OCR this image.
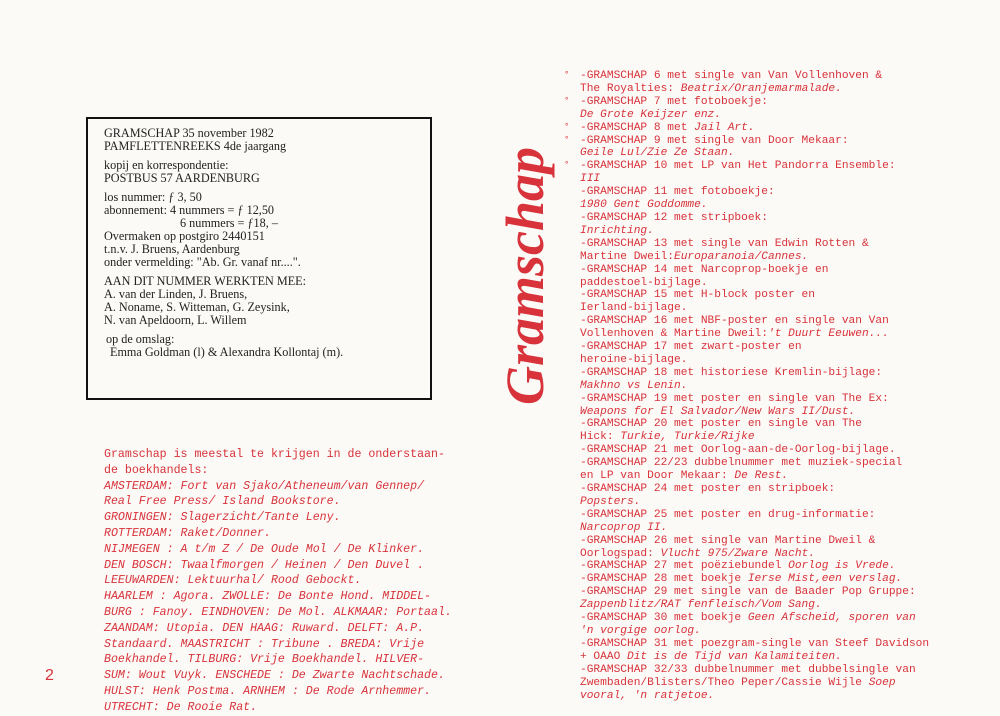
GRAMSCHAP 35 november 1982
PAMFLETTENREEKS 4de jaargang
kopij en korrespondentie:
POSTBUS 57 AARDENBURG
los nummer: ƒ 3, 50
abonnement: 4 nummers = ƒ 12,50
6 nummers = ƒ18, –
Overmaken op postgiro 2440151
t.n.v. J. Bruens, Aardenburg
onder vermelding: "Ab. Gr. vanaf nr....".
AAN DIT NUMMER WERKTEN MEE:
A. van der Linden, J. Bruens,
A. Noname, S. Witteman, G. Zeysink,
N. van Apeldoorn, L. Willem
op de omslag:
Emma Goldman (l) & Alexandra Kollontaj (m).	Gramschap
Gramschap is meestal te krijgen in de onderstaan-
de boekhandels:
AMSTERDAM: Fort van Sjako/Atheneum/van Gennep/
Real Free Press/ Island Bookstore.
GRONINGEN: Slagerzicht/Tante Leny.
ROTTERDAM: Raket/Donner.
NIJMEGEN : A t/m Z / De Oude Mol / De Klinker.
DEN BOSCH: Twaalfmorgen / Heinen / Den Duvel .
LEEUWARDEN: Lektuurhal/ Rood Gebockt.
HAARLEM : Agora. ZWOLLE: De Bonte Hond. MIDDEL-
BURG : Fanoy. EINDHOVEN: De Mol. ALKMAAR: Portaal.
ZAANDAM: Utopia. DEN HAAG: Ruward. DELFT: A.P.
Standaard. MAASTRICHT : Tribune . BREDA: Vrije
Boekhandel. TILBURG: Vrije Boekhandel. HILVER-
SUM: Wout Vuyk. ENSCHEDE : De Zwarte Nachtschade.
HULST: Henk Postma. ARNHEM : De Rode Arnhemmer.
UTRECHT: De Rooie Rat.
2
° -GRAMSCHAP 6 met single van Van Vollenhoven &
The Royalties: Beatrix/Oranjemarmalade.
° -GRAMSCHAP 7 met fotoboekje:
De Grote Keijzer enz.
° -GRAMSCHAP 8 met Jail Art.
° -GRAMSCHAP 9 met single van Door Mekaar:
Geile Lul/Zie Ze Staan.
° -GRAMSCHAP 10 met LP van Het Pandorra Ensemble:
III
-GRAMSCHAP 11 met fotoboekje:
1980 Gent Goddomme.
-GRAMSCHAP 12 met stripboek:
Inrichting.
-GRAMSCHAP 13 met single van Edwin Rotten &
Martine Dweil:Europaranoia/Cannes.
-GRAMSCHAP 14 met Narcoprop-boekje en
paddestoel-bijlage.
-GRAMSCHAP 15 met H-block poster en
Ierland-bijlage.
-GRAMSCHAP 16 met NBF-poster en single van Van
Vollenhoven & Martine Dweil:'t Duurt Eeuwen...
-GRAMSCHAP 17 met zwart-poster en
heroine-bijlage.
-GRAMSCHAP 18 met historiese Kremlin-bijlage:
Makhno vs Lenin.
-GRAMSCHAP 19 met poster en single van The Ex:
Weapons for El Salvador/New Wars II/Dust.
-GRAMSCHAP 20 met poster en single van The
Hick: Turkie, Turkie/Rijke
-GRAMSCHAP 21 met Oorlog-aan-de-Oorlog-bijlage.
-GRAMSCHAP 22/23 dubbelnummer met muziek-special
en LP van Door Mekaar: De Rest.
-GRAMSCHAP 24 met poster en stripboek:
Popsters.
-GRAMSCHAP 25 met poster en drug-informatie:
Narcoprop II.
-GRAMSCHAP 26 met single van Martine Dweil &
Oorlogspad: Vlucht 975/Zware Nacht.
-GRAMSCHAP 27 met poëziebundel Oorlog is Vrede.
-GRAMSCHAP 28 met boekje Ierse Mist,een verslag.
-GRAMSCHAP 29 met single van de Baader Pop Gruppe:
Zappenblitz/RAT fenfleisch/Vom Sang.
-GRAMSCHAP 30 met boekje Geen Afscheid, sporen van
'n vorgige oorlog.
-GRAMSCHAP 31 met poezgram-single van Steef Davidson
+ OAAO Dit is de Tijd van Kalamiteiten.
-GRAMSCHAP 32/33 dubbelnummer met dubbelsingle van
Zwembaden/Blisters/Theo Peper/Cassie Wijle Soep
vooral, 'n ratjetoe.
